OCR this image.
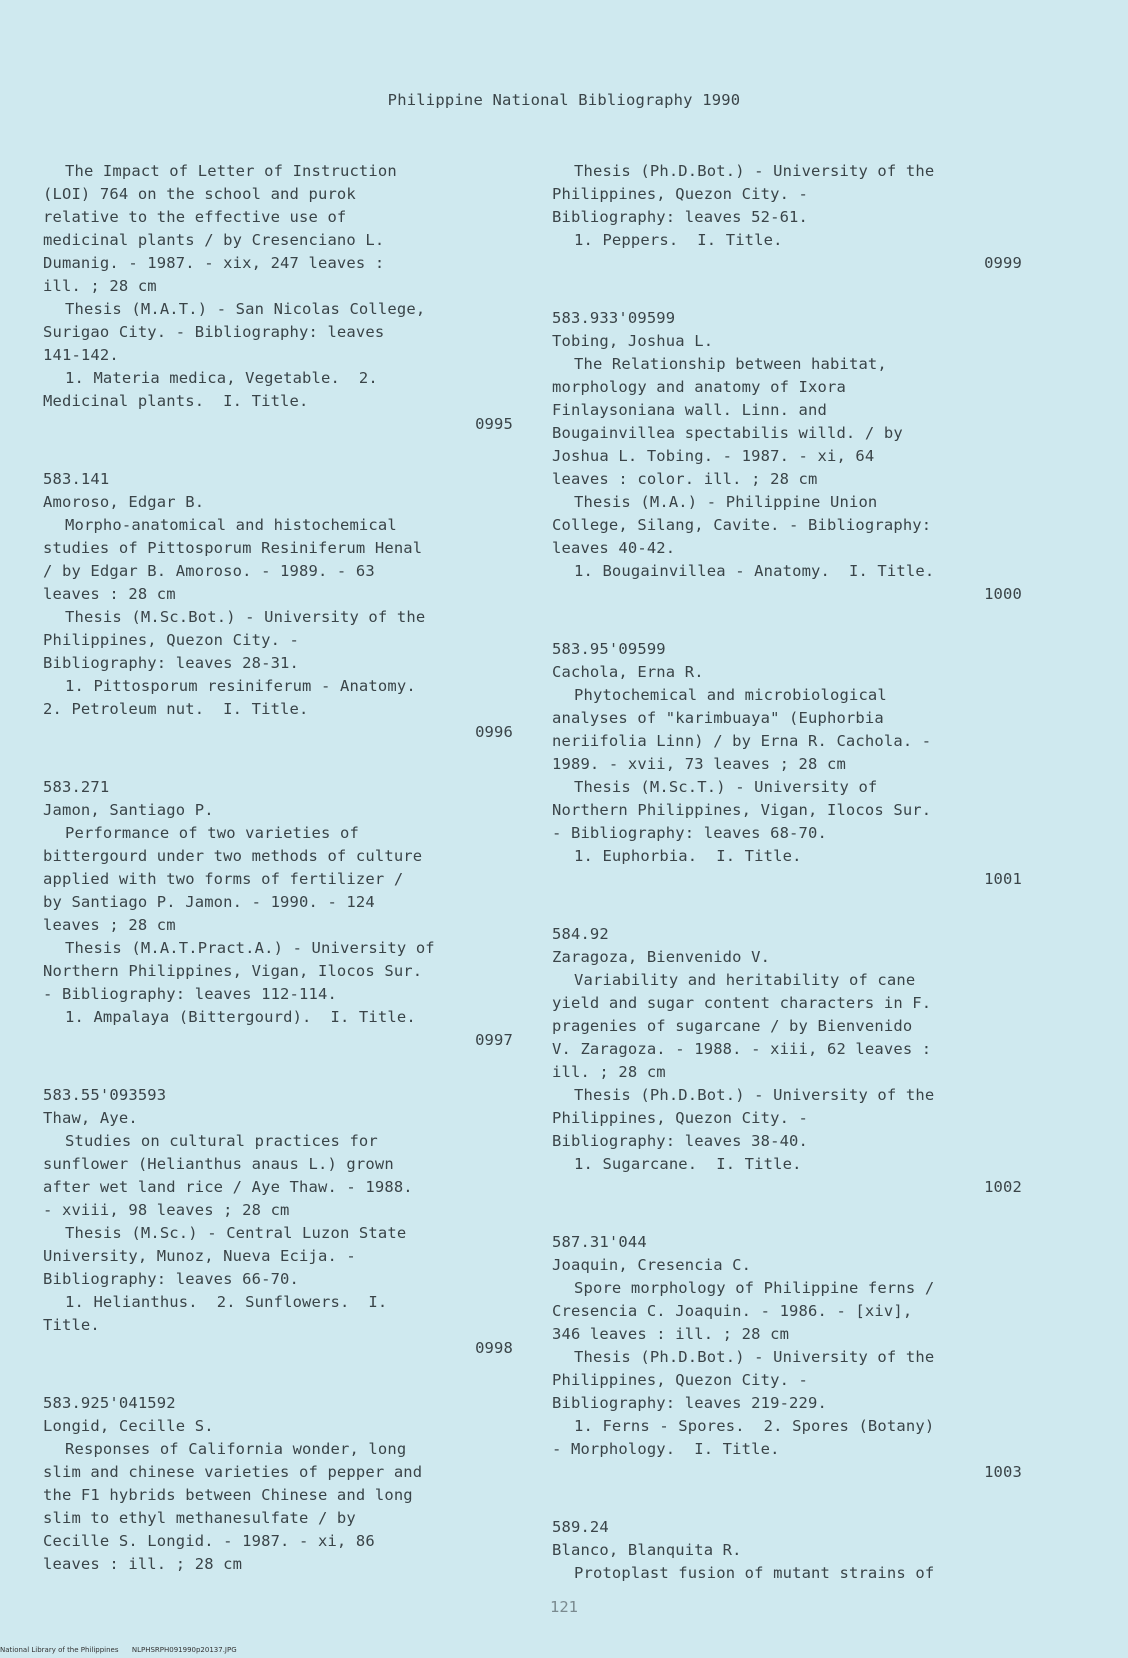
Philippine National Bibliography 1990
The Impact of Letter of Instruction
(LOI) 764 on the school and purok
relative to the effective use of
medicinal plants / by Cresenciano L.
Dumanig. - 1987. - xix, 247 leaves :
ill. ; 28 cm
Thesis (M.A.T.) - San Nicolas College,
Surigao City. - Bibliography: leaves
141-142.
1. Materia medica, Vegetable.  2.
Medicinal plants.  I. Title.
0995
583.141
Amoroso, Edgar B.
Morpho-anatomical and histochemical
studies of Pittosporum Resiniferum Henal
/ by Edgar B. Amoroso. - 1989. - 63
leaves : 28 cm
Thesis (M.Sc.Bot.) - University of the
Philippines, Quezon City. -
Bibliography: leaves 28-31.
1. Pittosporum resiniferum - Anatomy.
2. Petroleum nut.  I. Title.
0996
583.271
Jamon, Santiago P.
Performance of two varieties of
bittergourd under two methods of culture
applied with two forms of fertilizer /
by Santiago P. Jamon. - 1990. - 124
leaves ; 28 cm
Thesis (M.A.T.Pract.A.) - University of
Northern Philippines, Vigan, Ilocos Sur.
- Bibliography: leaves 112-114.
1. Ampalaya (Bittergourd).  I. Title.
0997
583.55'093593
Thaw, Aye.
Studies on cultural practices for
sunflower (Helianthus anaus L.) grown
after wet land rice / Aye Thaw. - 1988.
- xviii, 98 leaves ; 28 cm
Thesis (M.Sc.) - Central Luzon State
University, Munoz, Nueva Ecija. -
Bibliography: leaves 66-70.
1. Helianthus.  2. Sunflowers.  I.
Title.
0998
583.925'041592
Longid, Cecille S.
Responses of California wonder, long
slim and chinese varieties of pepper and
the F1 hybrids between Chinese and long
slim to ethyl methanesulfate / by
Cecille S. Longid. - 1987. - xi, 86
leaves : ill. ; 28 cm
Thesis (Ph.D.Bot.) - University of the
Philippines, Quezon City. -
Bibliography: leaves 52-61.
1. Peppers.  I. Title.
0999
583.933'09599
Tobing, Joshua L.
The Relationship between habitat,
morphology and anatomy of Ixora
Finlaysoniana wall. Linn. and
Bougainvillea spectabilis willd. / by
Joshua L. Tobing. - 1987. - xi, 64
leaves : color. ill. ; 28 cm
Thesis (M.A.) - Philippine Union
College, Silang, Cavite. - Bibliography:
leaves 40-42.
1. Bougainvillea - Anatomy.  I. Title.
1000
583.95'09599
Cachola, Erna R.
Phytochemical and microbiological
analyses of "karimbuaya" (Euphorbia
neriifolia Linn) / by Erna R. Cachola. -
1989. - xvii, 73 leaves ; 28 cm
Thesis (M.Sc.T.) - University of
Northern Philippines, Vigan, Ilocos Sur.
- Bibliography: leaves 68-70.
1. Euphorbia.  I. Title.
1001
584.92
Zaragoza, Bienvenido V.
Variability and heritability of cane
yield and sugar content characters in F.
pragenies of sugarcane / by Bienvenido
V. Zaragoza. - 1988. - xiii, 62 leaves :
ill. ; 28 cm
Thesis (Ph.D.Bot.) - University of the
Philippines, Quezon City. -
Bibliography: leaves 38-40.
1. Sugarcane.  I. Title.
1002
587.31'044
Joaquin, Cresencia C.
Spore morphology of Philippine ferns /
Cresencia C. Joaquin. - 1986. - [xiv],
346 leaves : ill. ; 28 cm
Thesis (Ph.D.Bot.) - University of the
Philippines, Quezon City. -
Bibliography: leaves 219-229.
1. Ferns - Spores.  2. Spores (Botany)
- Morphology.  I. Title.
1003
589.24
Blanco, Blanquita R.
Protoplast fusion of mutant strains of
121
National Library of the Philippines      NLPHSRPH091990p20137.JPG
